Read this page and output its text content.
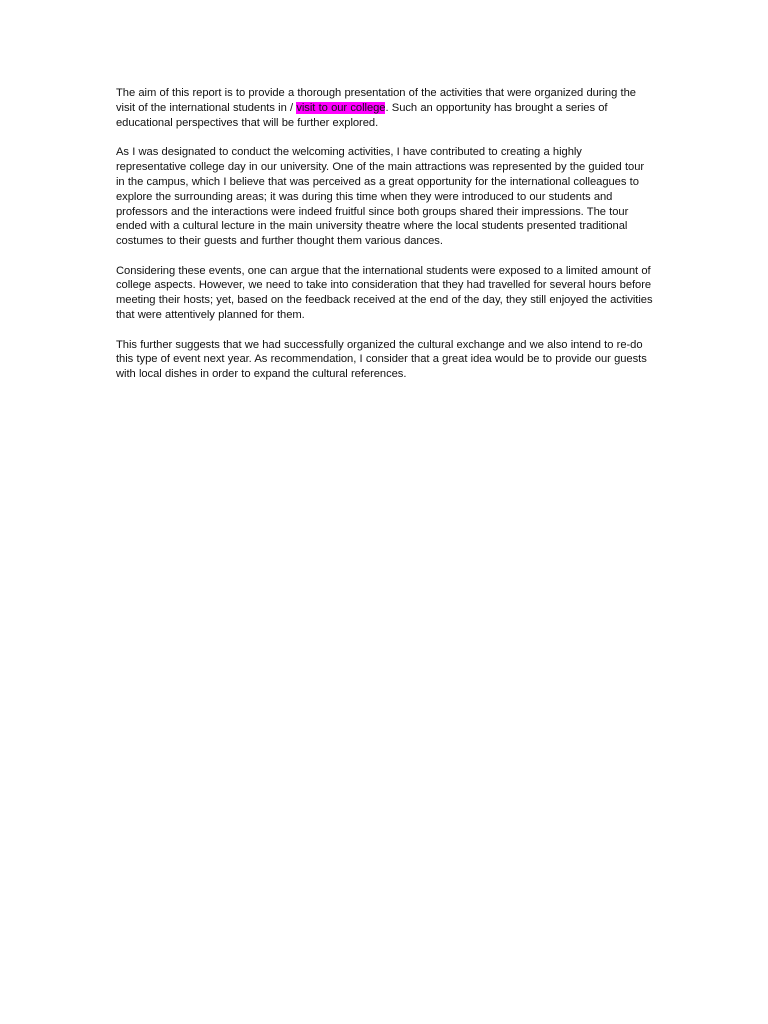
The aim of this report is to provide a thorough presentation of the activities that were organized during the visit of the international students in / visit to our college. Such an opportunity has brought a series of educational perspectives that will be further explored.

As I was designated to conduct the welcoming activities, I have contributed to creating a highly representative college day in our university. One of the main attractions was represented by the guided tour in the campus, which I believe that was perceived as a great opportunity for the international colleagues to explore the surrounding areas; it was during this time when they were introduced to our students and professors and the interactions were indeed fruitful since both groups shared their impressions. The tour ended with a cultural lecture in the main university theatre where the local students presented traditional costumes to their guests and further thought them various dances.

Considering these events, one can argue that the international students were exposed to a limited amount of college aspects. However, we need to take into consideration that they had travelled for several hours before meeting their hosts; yet, based on the feedback received at the end of the day, they still enjoyed the activities that were attentively planned for them.

This further suggests that we had successfully organized the cultural exchange and we also intend to re-do this type of event next year. As recommendation, I consider that a great idea would be to provide our guests with local dishes in order to expand the cultural references.
